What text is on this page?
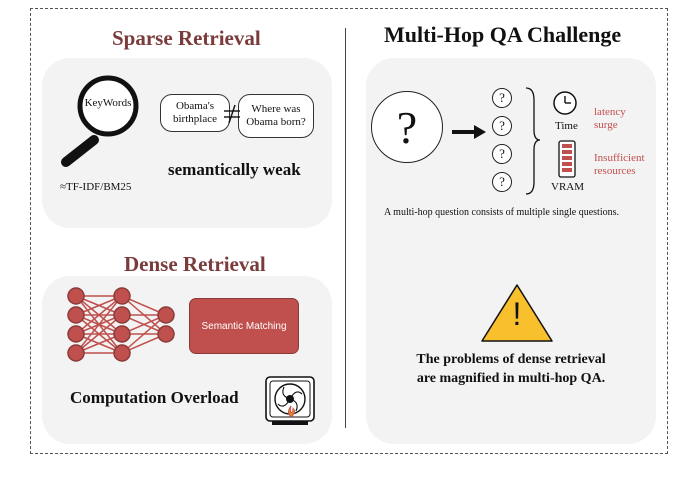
Sparse Retrieval
KeyWords	Obama's birthplace
Where was Obama born?
≈TF-IDF/BM25
semantically weak
Dense Retrieval
Semantic Matching
Computation Overload
Multi-Hop QA Challenge
?
?
?
?
?
Time
VRAM
latency surge
Insufficient resources
A multi-hop question consists of multiple single questions.
!
The problems of dense retrieval
are magnified in multi-hop QA.
